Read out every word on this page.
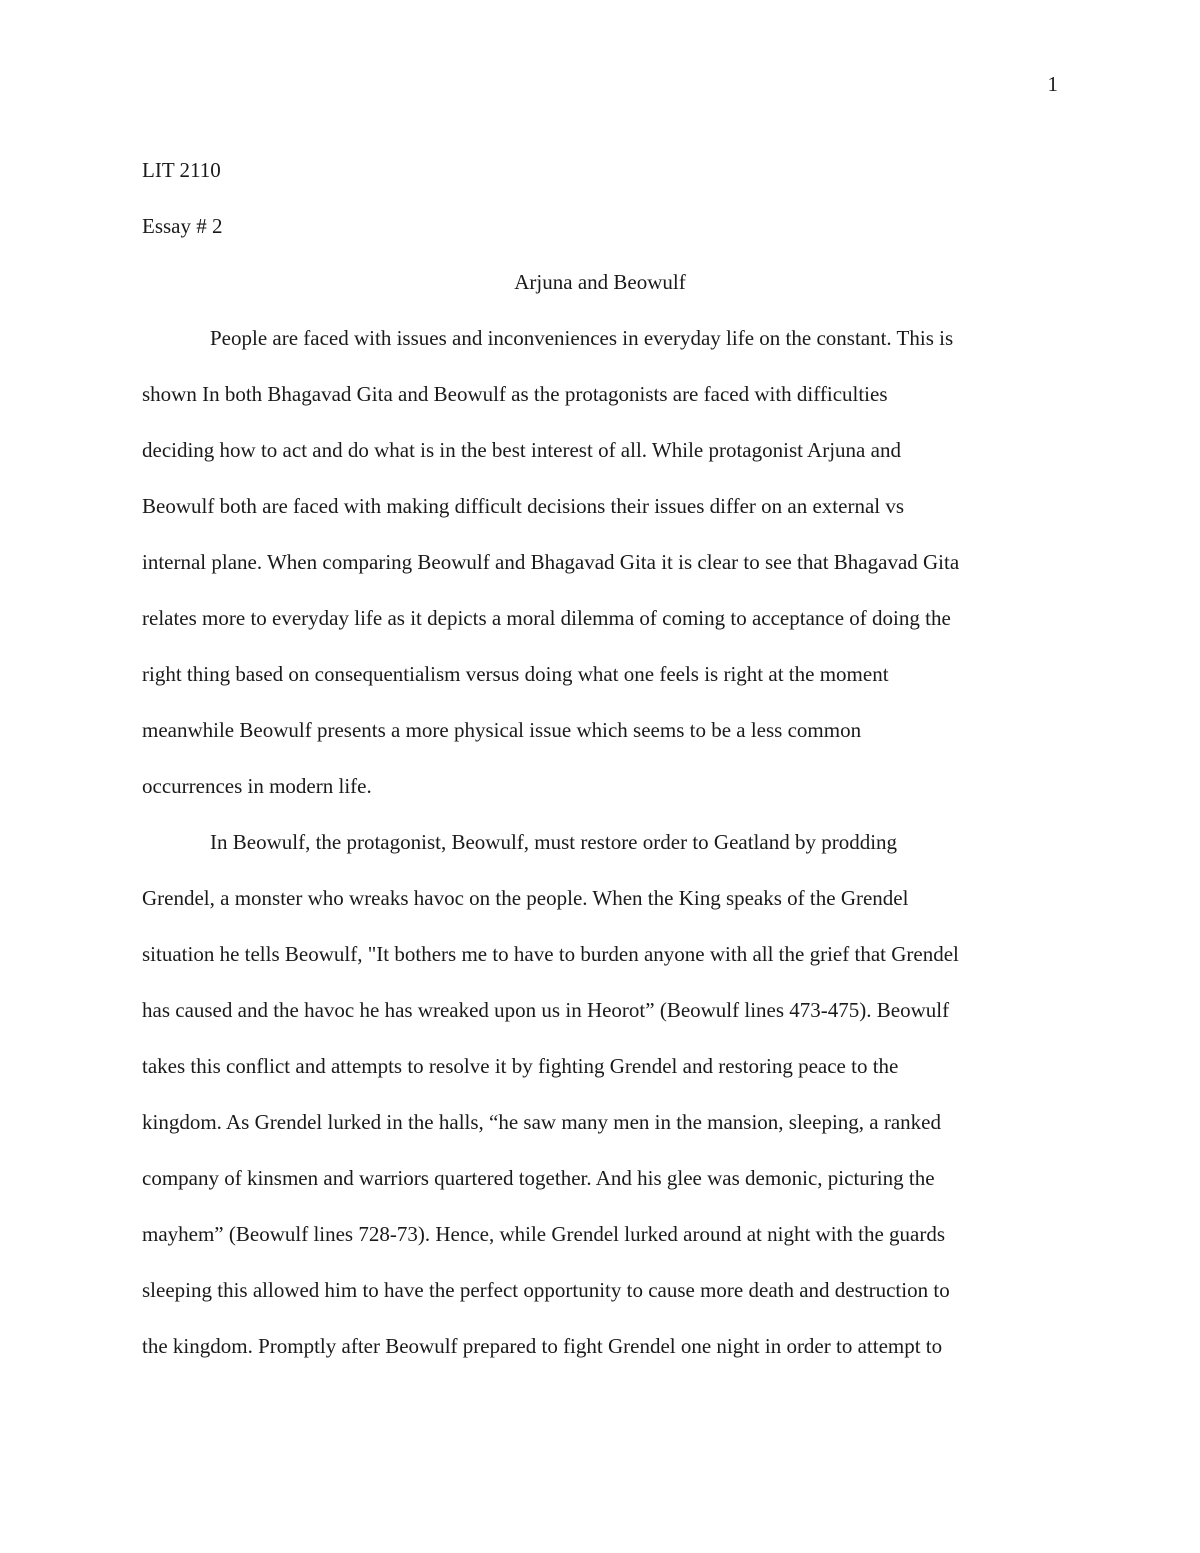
1

LIT 2110

Essay # 2

Arjuna and Beowulf

People are faced with issues and inconveniences in everyday life on the constant. This is

shown In both Bhagavad Gita and Beowulf as the protagonists are faced with difficulties

deciding how to act and do what is in the best interest of all. While protagonist Arjuna and

Beowulf both are faced with making difficult decisions their issues differ on an external vs

internal plane. When comparing Beowulf and Bhagavad Gita it is clear to see that Bhagavad Gita

relates more to everyday life as it depicts a moral dilemma of coming to acceptance of doing the

right thing based on consequentialism versus doing what one feels is right at the moment

meanwhile Beowulf presents a more physical issue which seems to be a less common

occurrences in modern life.

In Beowulf, the protagonist, Beowulf, must restore order to Geatland by prodding

Grendel, a monster who wreaks havoc on the people. When the King speaks of the Grendel

situation he tells Beowulf, "It bothers me to have to burden anyone with all the grief that Grendel

has caused and the havoc he has wreaked upon us in Heorot” (Beowulf lines 473-475). Beowulf

takes this conflict and attempts to resolve it by fighting Grendel and restoring peace to the

kingdom. As Grendel lurked in the halls, “he saw many men in the mansion, sleeping, a ranked

company of kinsmen and warriors quartered together. And his glee was demonic, picturing the

mayhem” (Beowulf lines 728-73). Hence, while Grendel lurked around at night with the guards

sleeping this allowed him to have the perfect opportunity to cause more death and destruction to

the kingdom. Promptly after Beowulf prepared to fight Grendel one night in order to attempt to
